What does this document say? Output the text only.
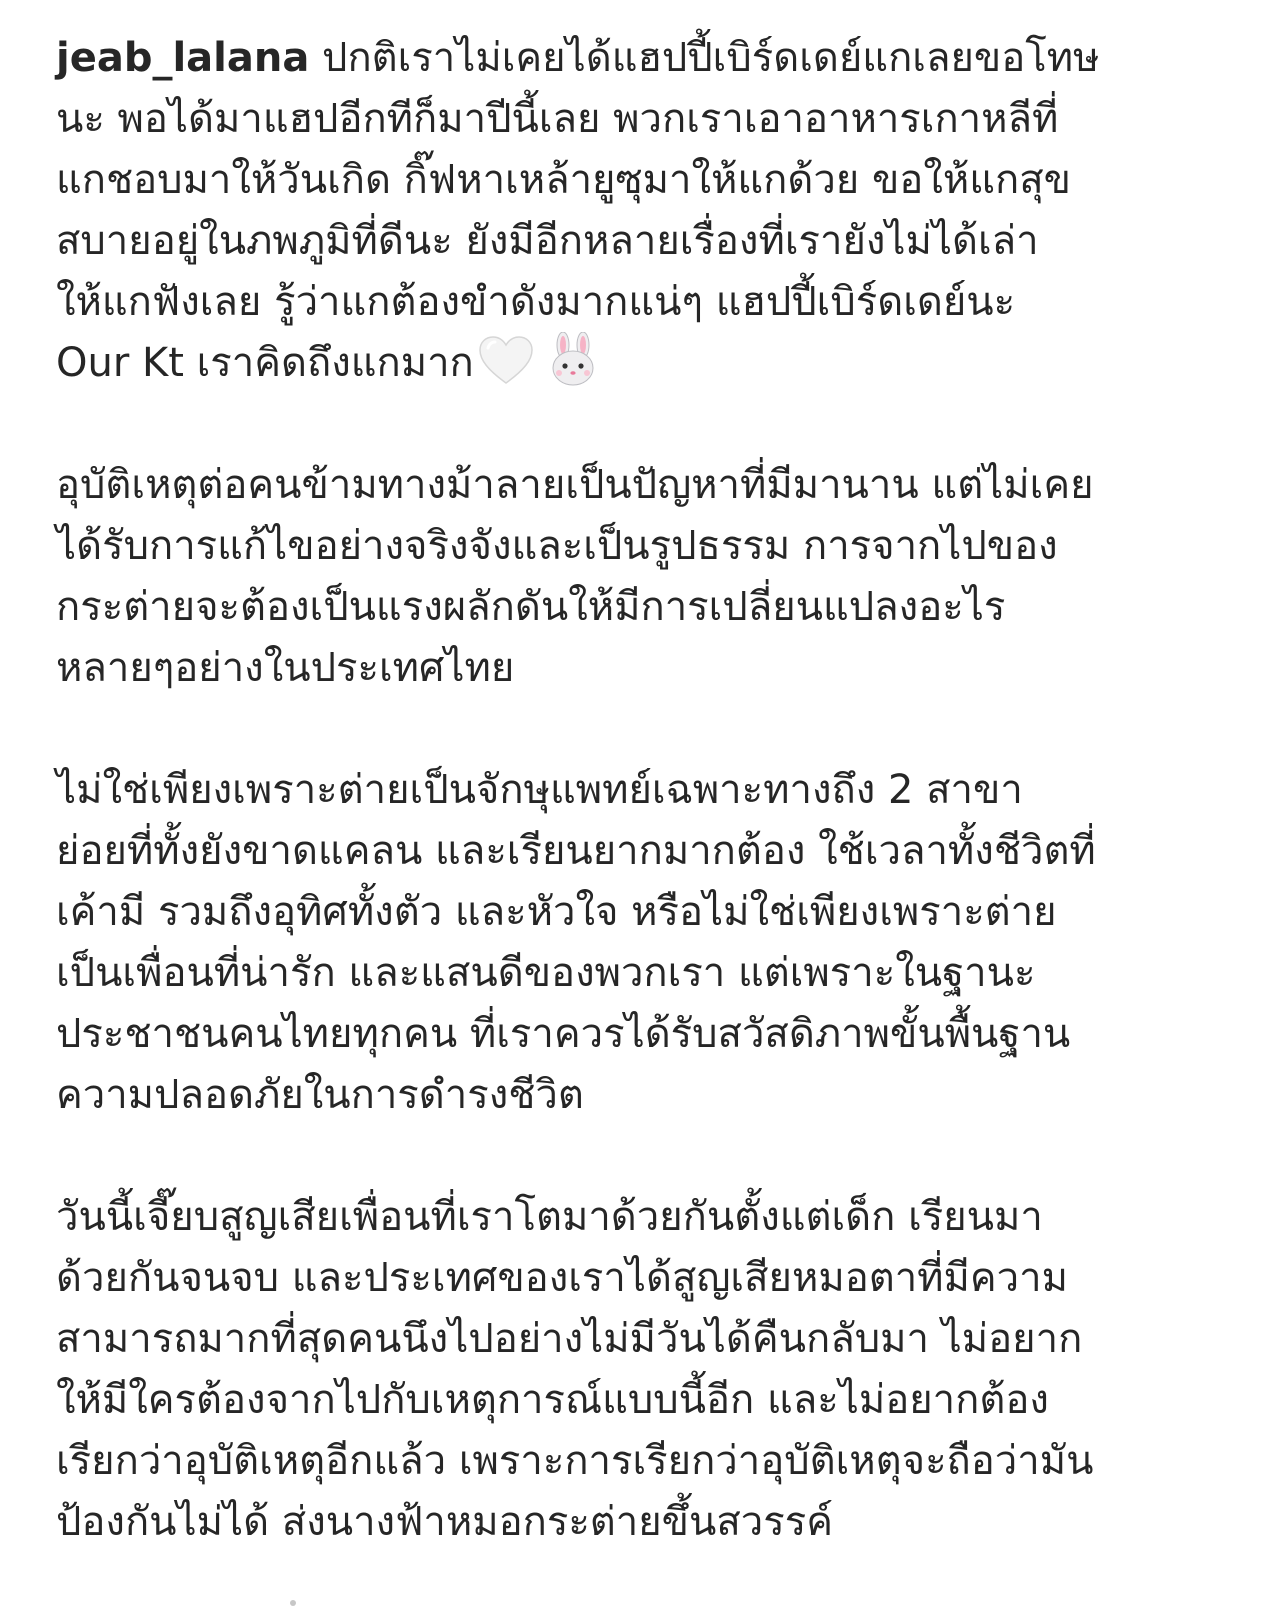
jeab_lalana ปกติเราไม่เคยได้แฮปปี้เบิร์ดเดย์แกเลยขอโทษ
นะ พอได้มาแฮปอีกทีก็มาปีนี้เลย พวกเราเอาอาหารเกาหลีที่
แกชอบมาให้วันเกิด กิ๊ฟหาเหล้ายูซุมาให้แกด้วย ขอให้แกสุข
สบายอยู่ในภพภูมิที่ดีนะ ยังมีอีกหลายเรื่องที่เรายังไม่ได้เล่า
ให้แกฟังเลย รู้ว่าแกต้องขำดังมากแน่ๆ แฮปปี้เบิร์ดเดย์นะ
Our Kt เราคิดถึงแกมาก

อุบัติเหตุต่อคนข้ามทางม้าลายเป็นปัญหาที่มีมานาน แต่ไม่เคย
ได้รับการแก้ไขอย่างจริงจังและเป็นรูปธรรม การจากไปของ
กระต่ายจะต้องเป็นแรงผลักดันให้มีการเปลี่ยนแปลงอะไร
หลายๆอย่างในประเทศไทย

ไม่ใช่เพียงเพราะต่ายเป็นจักษุแพทย์เฉพาะทางถึง 2 สาขา
ย่อยที่ทั้งยังขาดแคลน และเรียนยากมากต้อง ใช้เวลาทั้งชีวิตที่
เค้ามี รวมถึงอุทิศทั้งตัว และหัวใจ หรือไม่ใช่เพียงเพราะต่าย
เป็นเพื่อนที่น่ารัก และแสนดีของพวกเรา แต่เพราะในฐานะ
ประชาชนคนไทยทุกคน ที่เราควรได้รับสวัสดิภาพขั้นพื้นฐาน
ความปลอดภัยในการดำรงชีวิต

วันนี้เจี๊ยบสูญเสียเพื่อนที่เราโตมาด้วยกันตั้งแต่เด็ก เรียนมา
ด้วยกันจนจบ และประเทศของเราได้สูญเสียหมอตาที่มีความ
สามารถมากที่สุดคนนึงไปอย่างไม่มีวันได้คืนกลับมา ไม่อยาก
ให้มีใครต้องจากไปกับเหตุการณ์แบบนี้อีก และไม่อยากต้อง
เรียกว่าอุบัติเหตุอีกแล้ว เพราะการเรียกว่าอุบัติเหตุจะถือว่ามัน
ป้องกันไม่ได้ ส่งนางฟ้าหมอกระต่ายขึ้นสวรรค์
